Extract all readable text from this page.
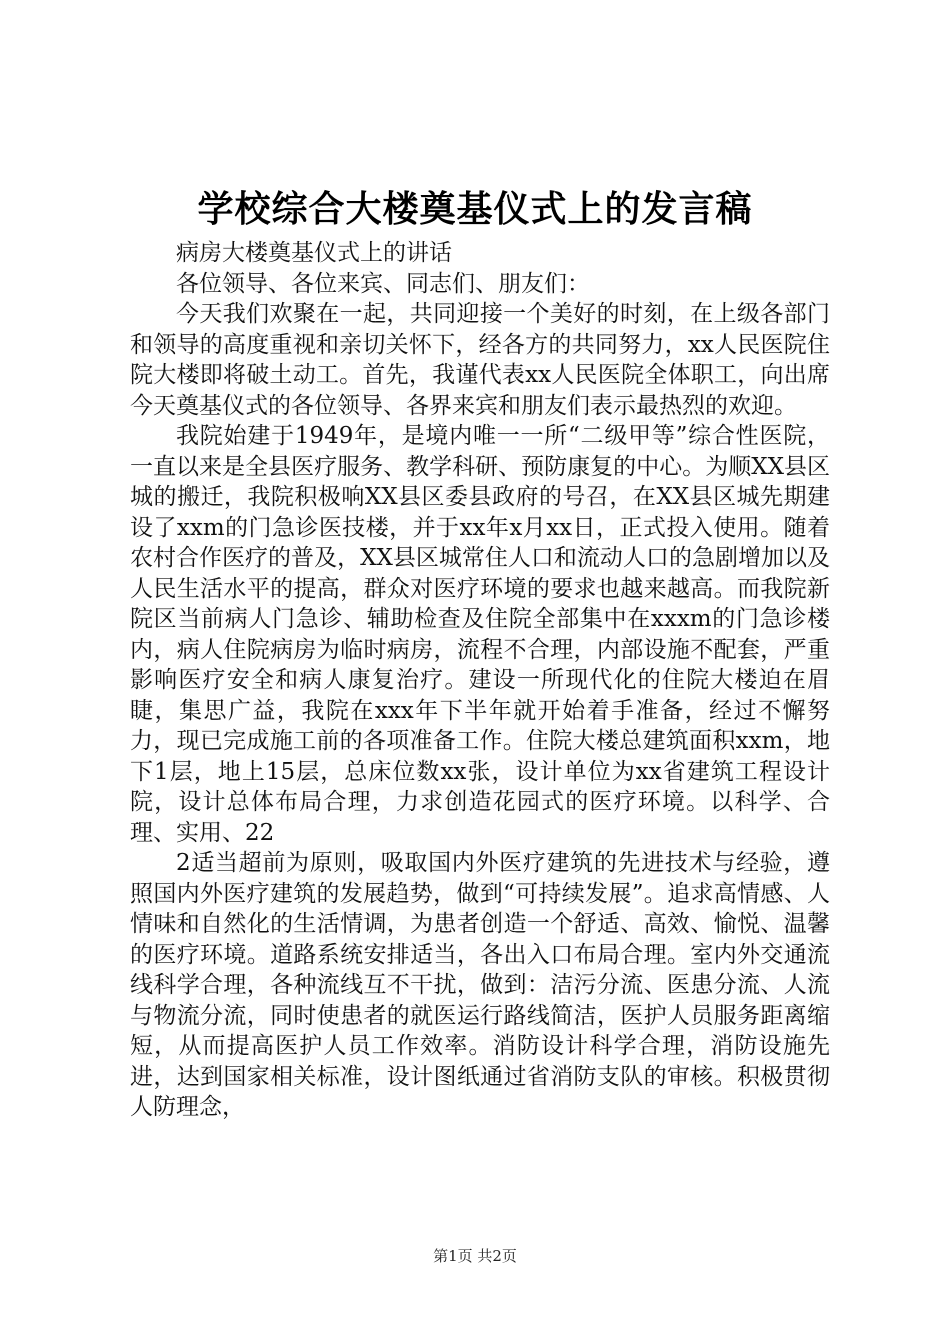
学校综合大楼奠基仪式上的发言稿

病房大楼奠基仪式上的讲话

各位领导、各位来宾、同志们、朋友们：

今天我们欢聚在一起，共同迎接一个美好的时刻，在上级各部门和领导的高度重视和亲切关怀下，经各方的共同努力，xx人民医院住院大楼即将破土动工。首先，我谨代表xx人民医院全体职工，向出席今天奠基仪式的各位领导、各界来宾和朋友们表示最热烈的欢迎。

我院始建于1949年，是境内唯一一所“二级甲等”综合性医院，一直以来是全县医疗服务、教学科研、预防康复的中心。为顺XX县区城的搬迁，我院积极响XX县区委县政府的号召，在XX县区城先期建设了xxm的门急诊医技楼，并于xx年x月xx日，正式投入使用。随着农村合作医疗的普及，XX县区城常住人口和流动人口的急剧增加以及人民生活水平的提高，群众对医疗环境的要求也越来越高。而我院新院区当前病人门急诊、辅助检查及住院全部集中在xxxm的门急诊楼内，病人住院病房为临时病房，流程不合理，内部设施不配套，严重影响医疗安全和病人康复治疗。建设一所现代化的住院大楼迫在眉睫，集思广益，我院在xxx年下半年就开始着手准备，经过不懈努力，现已完成施工前的各项准备工作。住院大楼总建筑面积xxm，地下1层，地上15层，总床位数xx张，设计单位为xx省建筑工程设计院，设计总体布局合理，力求创造花园式的医疗环境。以科学、合理、实用、22

2适当超前为原则，吸取国内外医疗建筑的先进技术与经验，遵照国内外医疗建筑的发展趋势，做到“可持续发展”。追求高情感、人情味和自然化的生活情调，为患者创造一个舒适、高效、愉悦、温馨的医疗环境。道路系统安排适当，各出入口布局合理。室内外交通流线科学合理，各种流线互不干扰，做到：洁污分流、医患分流、人流与物流分流，同时使患者的就医运行路线简洁，医护人员服务距离缩短，从而提高医护人员工作效率。消防设计科学合理，消防设施先进，达到国家相关标准，设计图纸通过省消防支队的审核。积极贯彻人防理念，

第1页 共2页
